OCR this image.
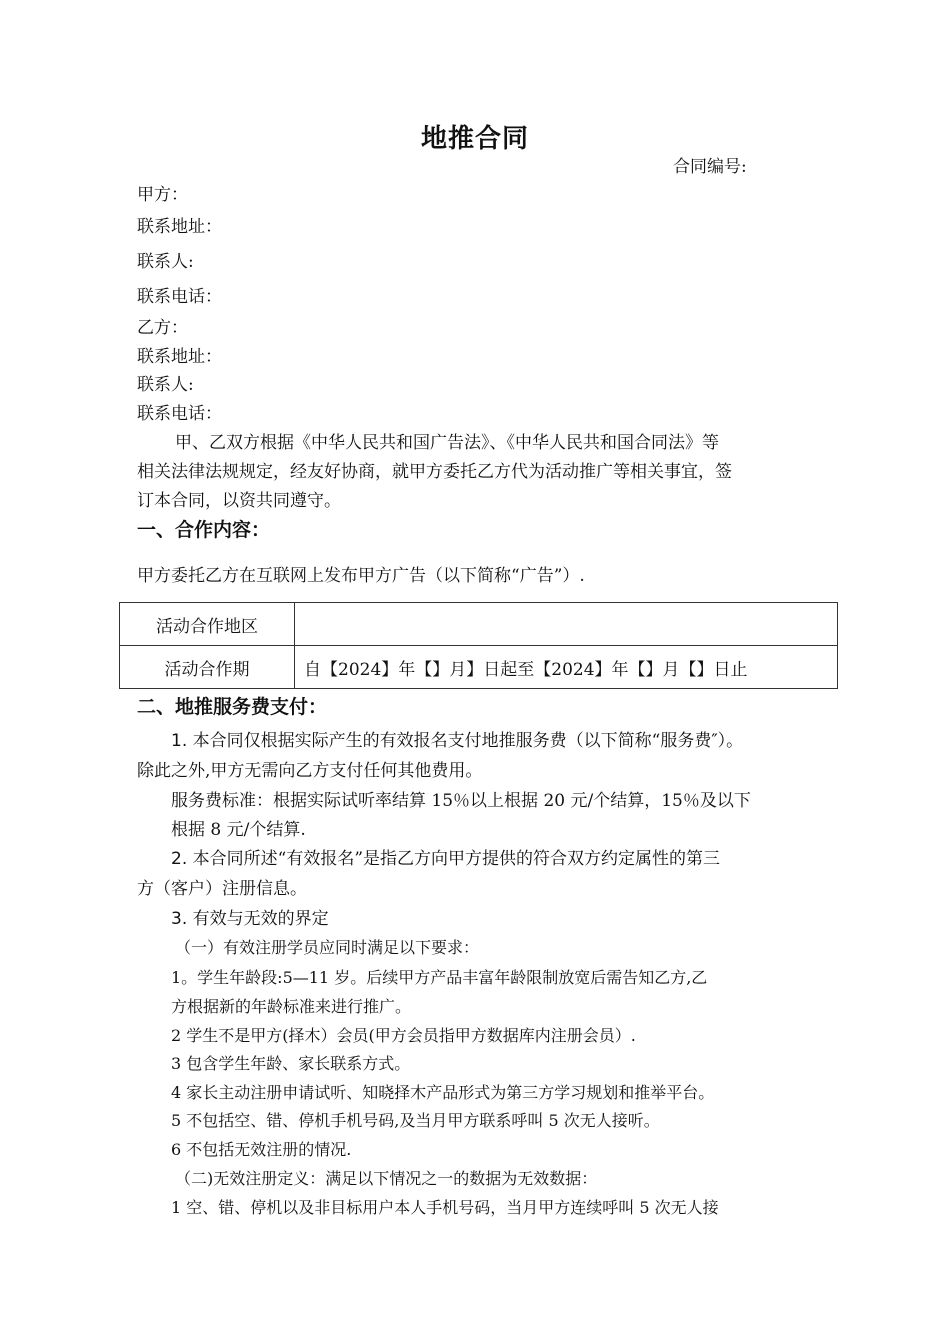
地推合同
合同编号:
甲方：
联系地址：
联系人:
联系电话：
乙方：
联系地址：
联系人:
联系电话：
甲、乙双方根据《中华人民共和国广告法》、《中华人民共和国合同法》等
相关法律法规规定，经友好协商，就甲方委托乙方代为活动推广等相关事宜，签
订本合同，以资共同遵守。
一、合作内容：
甲方委托乙方在互联网上发布甲方广告（以下简称“广告”）.
活动合作地区	
活动合作期	自【2024】年【】月】日起至【2024】年【】月【】日止
二、地推服务费支付：
1. 本合同仅根据实际产生的有效报名支付地推服务费（以下简称“服务费″）。
除此之外,甲方无需向乙方支付任何其他费用。
服务费标准：根据实际试听率结算 15％以上根据 20 元/个结算，15％及以下
根据 8 元/个结算.
2. 本合同所述“有效报名”是指乙方向甲方提供的符合双方约定属性的第三
方（客户）注册信息。
3. 有效与无效的界定
（一）有效注册学员应同时满足以下要求：
1。学生年龄段:5—11 岁。后续甲方产品丰富年龄限制放宽后需告知乙方,乙
方根据新的年龄标准来进行推广。
2 学生不是甲方(择木）会员(甲方会员指甲方数据库内注册会员）.
3 包含学生年龄、家长联系方式。
4 家长主动注册申请试听、知晓择木产品形式为第三方学习规划和推举平台。
5 不包括空、错、停机手机号码,及当月甲方联系呼叫 5 次无人接听。
6 不包括无效注册的情况.
（二)无效注册定义：满足以下情况之一的数据为无效数据：
1 空、错、停机以及非目标用户本人手机号码，当月甲方连续呼叫 5 次无人接
